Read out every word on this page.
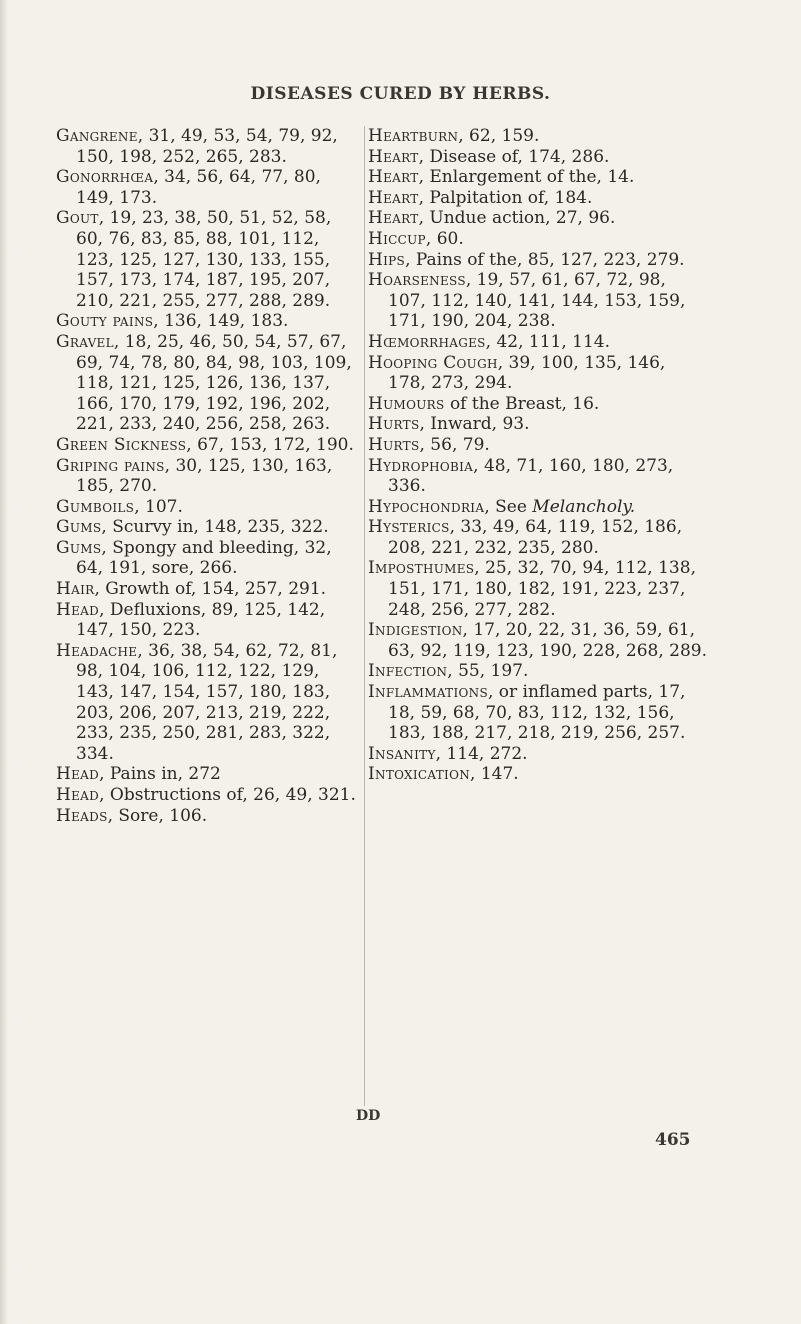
DISEASES CURED BY HERBS.

Gangrene, 31, 49, 53, 54, 79, 92, 150, 198, 252, 265, 283.

Gonorrhœa, 34, 56, 64, 77, 80, 149, 173.

Gout, 19, 23, 38, 50, 51, 52, 58, 60, 76, 83, 85, 88, 101, 112, 123, 125, 127, 130, 133, 155, 157, 173, 174, 187, 195, 207, 210, 221, 255, 277, 288, 289.

Gouty pains, 136, 149, 183.

Gravel, 18, 25, 46, 50, 54, 57, 67, 69, 74, 78, 80, 84, 98, 103, 109, 118, 121, 125, 126, 136, 137, 166, 170, 179, 192, 196, 202, 221, 233, 240, 256, 258, 263.

Green Sickness, 67, 153, 172, 190.

Griping pains, 30, 125, 130, 163, 185, 270.

Gumboils, 107.

Gums, Scurvy in, 148, 235, 322.

Gums, Spongy and bleeding, 32, 64, 191, sore, 266.

Hair, Growth of, 154, 257, 291.

Head, Defluxions, 89, 125, 142, 147, 150, 223.

Headache, 36, 38, 54, 62, 72, 81, 98, 104, 106, 112, 122, 129, 143, 147, 154, 157, 180, 183, 203, 206, 207, 213, 219, 222, 233, 235, 250, 281, 283, 322, 334.

Head, Pains in, 272

Head, Obstructions of, 26, 49, 321.

Heads, Sore, 106.

Heartburn, 62, 159.

Heart, Disease of, 174, 286.

Heart, Enlargement of the, 14.

Heart, Palpitation of, 184.

Heart, Undue action, 27, 96.

Hiccup, 60.

Hips, Pains of the, 85, 127, 223, 279.

Hoarseness, 19, 57, 61, 67, 72, 98, 107, 112, 140, 141, 144, 153, 159, 171, 190, 204, 238.

Hœmorrhages, 42, 111, 114.

Hooping Cough, 39, 100, 135, 146, 178, 273, 294.

Humours of the Breast, 16.

Hurts, Inward, 93.

Hurts, 56, 79.

Hydrophobia, 48, 71, 160, 180, 273, 336.

Hypochondria, See Melancholy.

Hysterics, 33, 49, 64, 119, 152, 186, 208, 221, 232, 235, 280.

Imposthumes, 25, 32, 70, 94, 112, 138, 151, 171, 180, 182, 191, 223, 237, 248, 256, 277, 282.

Indigestion, 17, 20, 22, 31, 36, 59, 61, 63, 92, 119, 123, 190, 228, 268, 289.

Infection, 55, 197.

Inflammations, or inflamed parts, 17, 18, 59, 68, 70, 83, 112, 132, 156, 183, 188, 217, 218, 219, 256, 257.

Insanity, 114, 272.

Intoxication, 147.

DD
465
